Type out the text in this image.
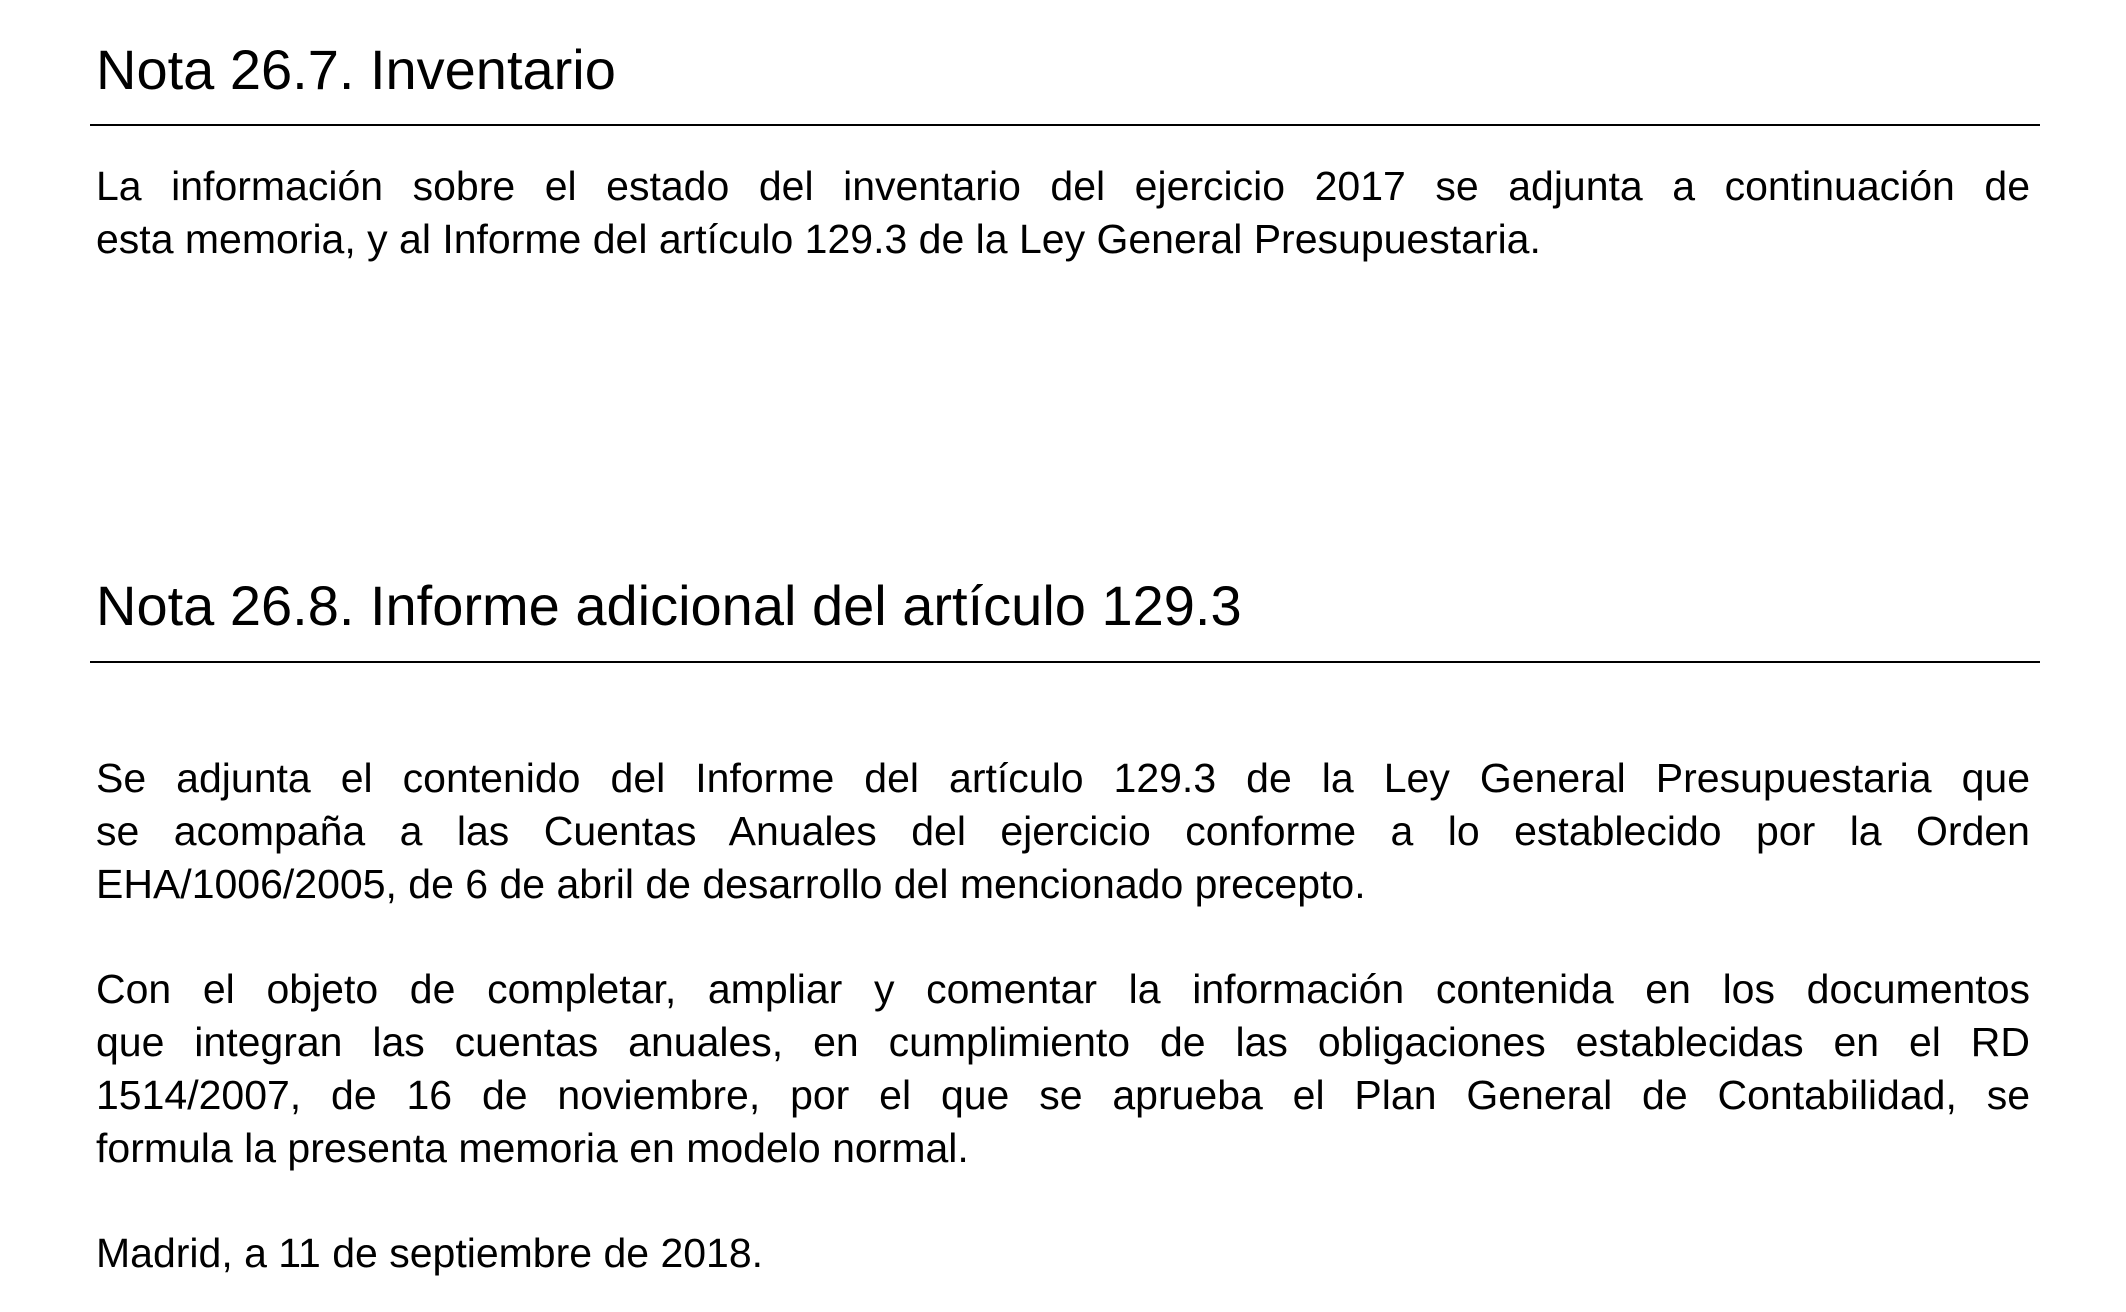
Nota 26.7. Inventario

La información sobre el estado del inventario del ejercicio 2017 se adjunta a continuación de
esta memoria, y al Informe del artículo 129.3 de la Ley General Presupuestaria.

Nota 26.8. Informe adicional del artículo 129.3

Se adjunta el contenido del Informe del artículo 129.3 de la Ley General Presupuestaria que
se acompaña a las Cuentas Anuales del ejercicio conforme a lo establecido por la Orden
EHA/1006/2005, de 6 de abril de desarrollo del mencionado precepto.

Con el objeto de completar, ampliar y comentar la información contenida en los documentos
que integran las cuentas anuales, en cumplimiento de las obligaciones establecidas en el RD
1514/2007, de 16 de noviembre, por el que se aprueba el Plan General de Contabilidad, se
formula la presenta memoria en modelo normal.

Madrid, a 11 de septiembre de 2018.
